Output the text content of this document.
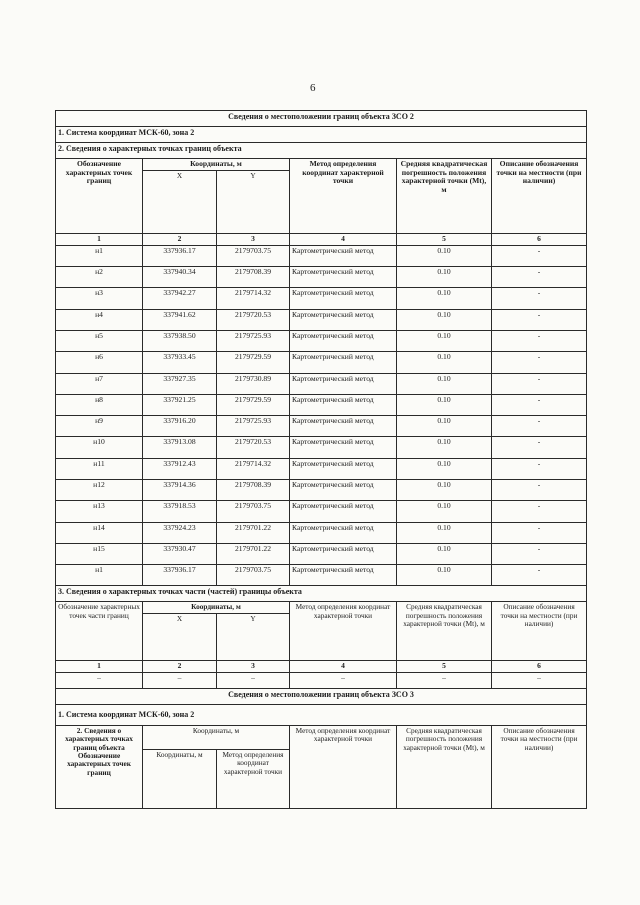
6
Сведения о местоположении границ объекта ЗСО 2					
1. Система координат МСК-60, зона 2					
2. Сведения о характерных точках границ объекта					
Обозначение характерных точек границ	Координаты, м		Метод определения координат характерной точки	Средняя квадратическая погрешность положения характерной точки (Mt), м	Описание обозначения точки на местности (при наличии)
	X	Y			
1	2	3	4	5	6
н1	337936.17	2179703.75	Картометрический метод	0.10	-
н2	337940.34	2179708.39	Картометрический метод	0.10	-
н3	337942.27	2179714.32	Картометрический метод	0.10	-
н4	337941.62	2179720.53	Картометрический метод	0.10	-
н5	337938.50	2179725.93	Картометрический метод	0.10	-
н6	337933.45	2179729.59	Картометрический метод	0.10	-
н7	337927.35	2179730.89	Картометрический метод	0.10	-
н8	337921.25	2179729.59	Картометрический метод	0.10	-
н9	337916.20	2179725.93	Картометрический метод	0.10	-
н10	337913.08	2179720.53	Картометрический метод	0.10	-
н11	337912.43	2179714.32	Картометрический метод	0.10	-
н12	337914.36	2179708.39	Картометрический метод	0.10	-
н13	337918.53	2179703.75	Картометрический метод	0.10	-
н14	337924.23	2179701.22	Картометрический метод	0.10	-
н15	337930.47	2179701.22	Картометрический метод	0.10	-
н1	337936.17	2179703.75	Картометрический метод	0.10	-
3. Сведения о характерных точках части (частей) границы объекта					
Обозначение характерных точек части границ	Координаты, м		Метод определения координат характерной точки	Средняя квадратическая погрешность положения характерной точки (Mt), м	Описание обозначения точки на местности (при наличии)
	X	Y			
1	2	3	4	5	6
–	–	–	–	–	–
Сведения о местоположении границ объекта ЗСО 3					
1. Система координат МСК-60, зона 2					
2. Сведения о характерных точках границ объекта Обозначение характерных точек границ	Координаты, м		Метод определения координат характерной точки	Средняя квадратическая погрешность положения характерной точки (Mt), м	Описание обозначения точки на местности (при наличии)
	Координаты, м	Метод определения координат характерной точки			
